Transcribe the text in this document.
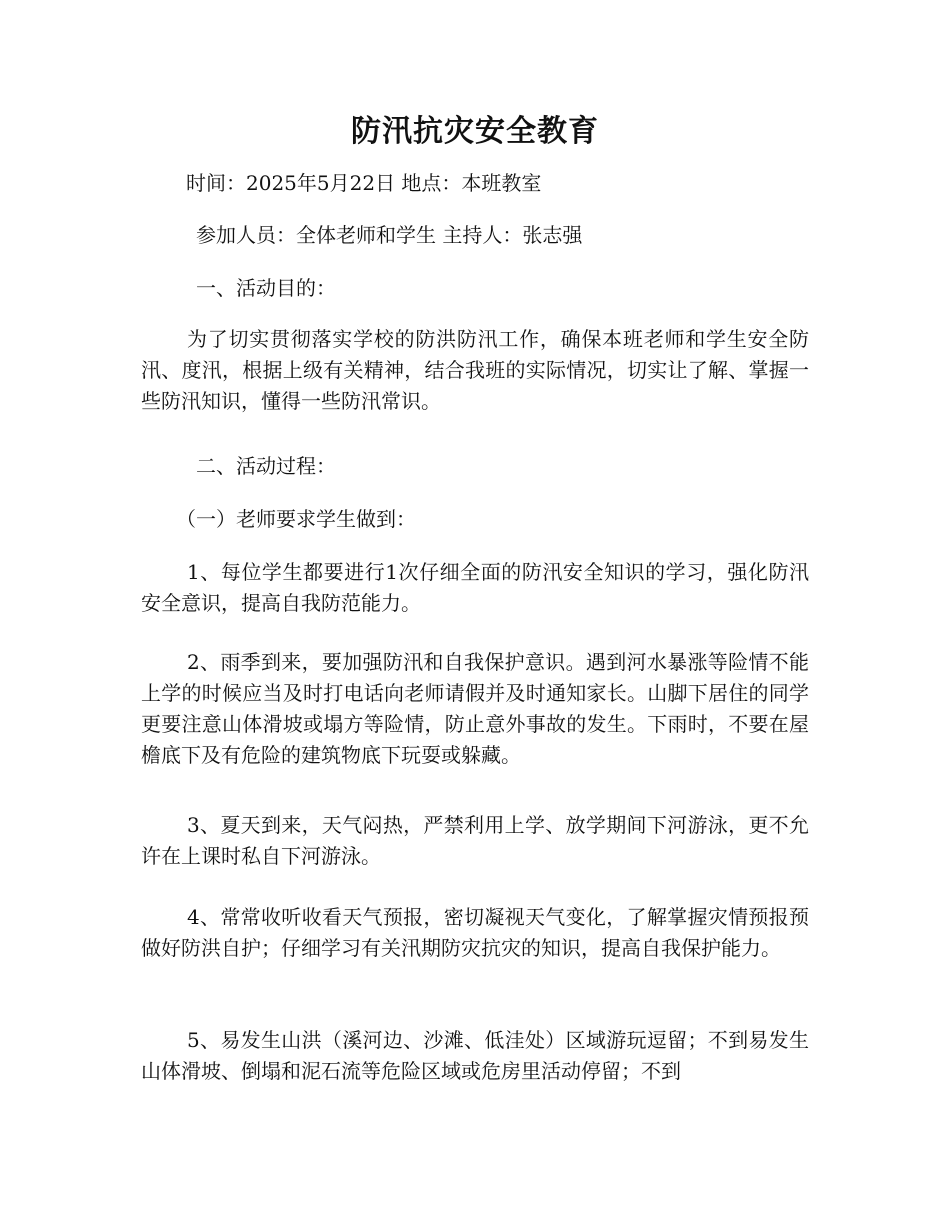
防汛抗灾安全教育
时间：2025年5月22日 地点：本班教室
参加人员：全体老师和学生 主持人：张志强
一、活动目的：
为了切实贯彻落实学校的防洪防汛工作，确保本班老师和学生安全防汛、度汛，根据上级有关精神，结合我班的实际情况，切实让了解、掌握一些防汛知识，懂得一些防汛常识。
二、活动过程：
（一）老师要求学生做到：
1、每位学生都要进行1次仔细全面的防汛安全知识的学习，强化防汛安全意识，提高自我防范能力。
2、雨季到来，要加强防汛和自我保护意识。遇到河水暴涨等险情不能上学的时候应当及时打电话向老师请假并及时通知家长。山脚下居住的同学更要注意山体滑坡或塌方等险情，防止意外事故的发生。下雨时，不要在屋檐底下及有危险的建筑物底下玩耍或躲藏。
3、夏天到来，天气闷热，严禁利用上学、放学期间下河游泳，更不允许在上课时私自下河游泳。
4、常常收听收看天气预报，密切凝视天气变化，了解掌握灾情预报预做好防洪自护；仔细学习有关汛期防灾抗灾的知识，提高自我保护能力。
5、易发生山洪（溪河边、沙滩、低洼处）区域游玩逗留；不到易发生山体滑坡、倒塌和泥石流等危险区域或危房里活动停留；不到
